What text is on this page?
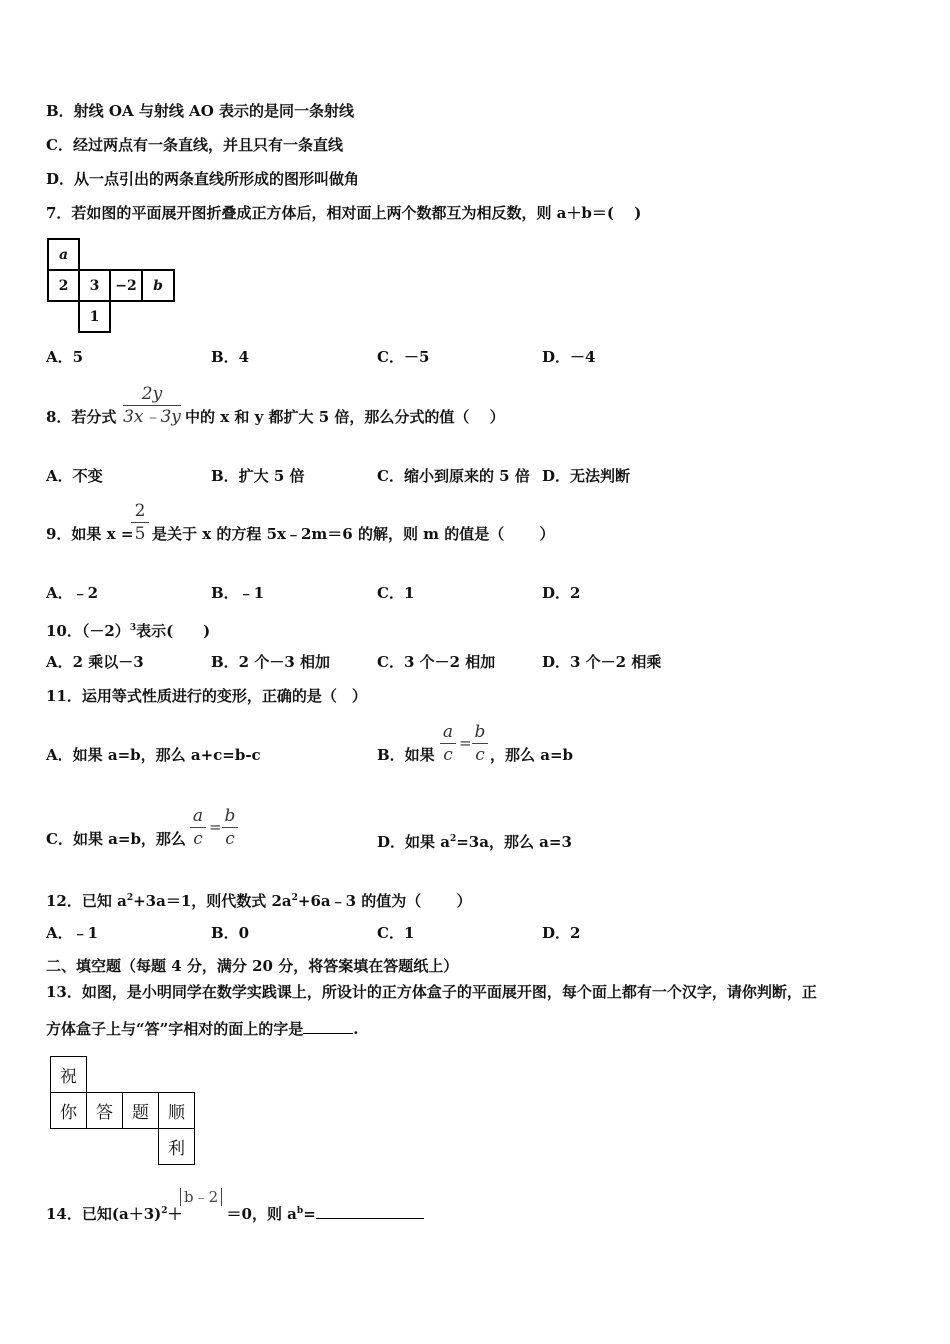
B．射线 OA 与射线 AO 表示的是同一条射线
C．经过两点有一条直线，并且只有一条直线
D．从一点引出的两条直线所形成的图形叫做角
7．若如图的平面展开图折叠成正方体后，相对面上两个数都互为相反数，则 a＋b＝(　 )
a
2	3	−2	b
1
A．5	B．4	C．－5	D．－4
8．若分式 $\frac{2y}{3x﹣3y}$ 中的 x 和 y 都扩大 5 倍，那么分式的值（　 ）
A．不变	B．扩大 5 倍	C．缩小到原来的 5 倍 D．无法判断
9．如果 x =
$\frac{2}{5}$ 是关于 x 的方程 5x﹣2m＝6 的解，则 m 的值是（　　 ）
A．﹣2	B．﹣1	C．1	D．2
10．$(-2)^3$表示(　　)
A．2 乘以－3	B．2 个－3 相加	C．3 个－2 相加	D．3 个－2 相乘
11．运用等式性质进行的变形，正确的是（　）
A．如果 a=b，那么 a+c=b-c	B．如果 $\frac{a}{c} = \frac{b}{c}$ ，那么 a=b
C．如果 a=b，那么 $\frac{a}{c} = \frac{b}{c}$	D．如果 $a^2=3a$，那么 a=3
12．已知 $a^2+3a=1$，则代数式 $2a^2+6a﹣3$ 的值为（　　 ）
A．﹣1	B．0	C．1	D．2
二、填空题（每题 4 分，满分 20 分，将答案填在答题纸上）
13．如图，是小明同学在数学实践课上，所设计的正方体盒子的平面展开图，每个面上都有一个汉字，请你判断，正
方体盒子上与“答”字相对的面上的字是	.
祝
你	答	题	顺
利
14．已知$(a+3)^2+$	＝0，则 $a^b=$
b﹣2
